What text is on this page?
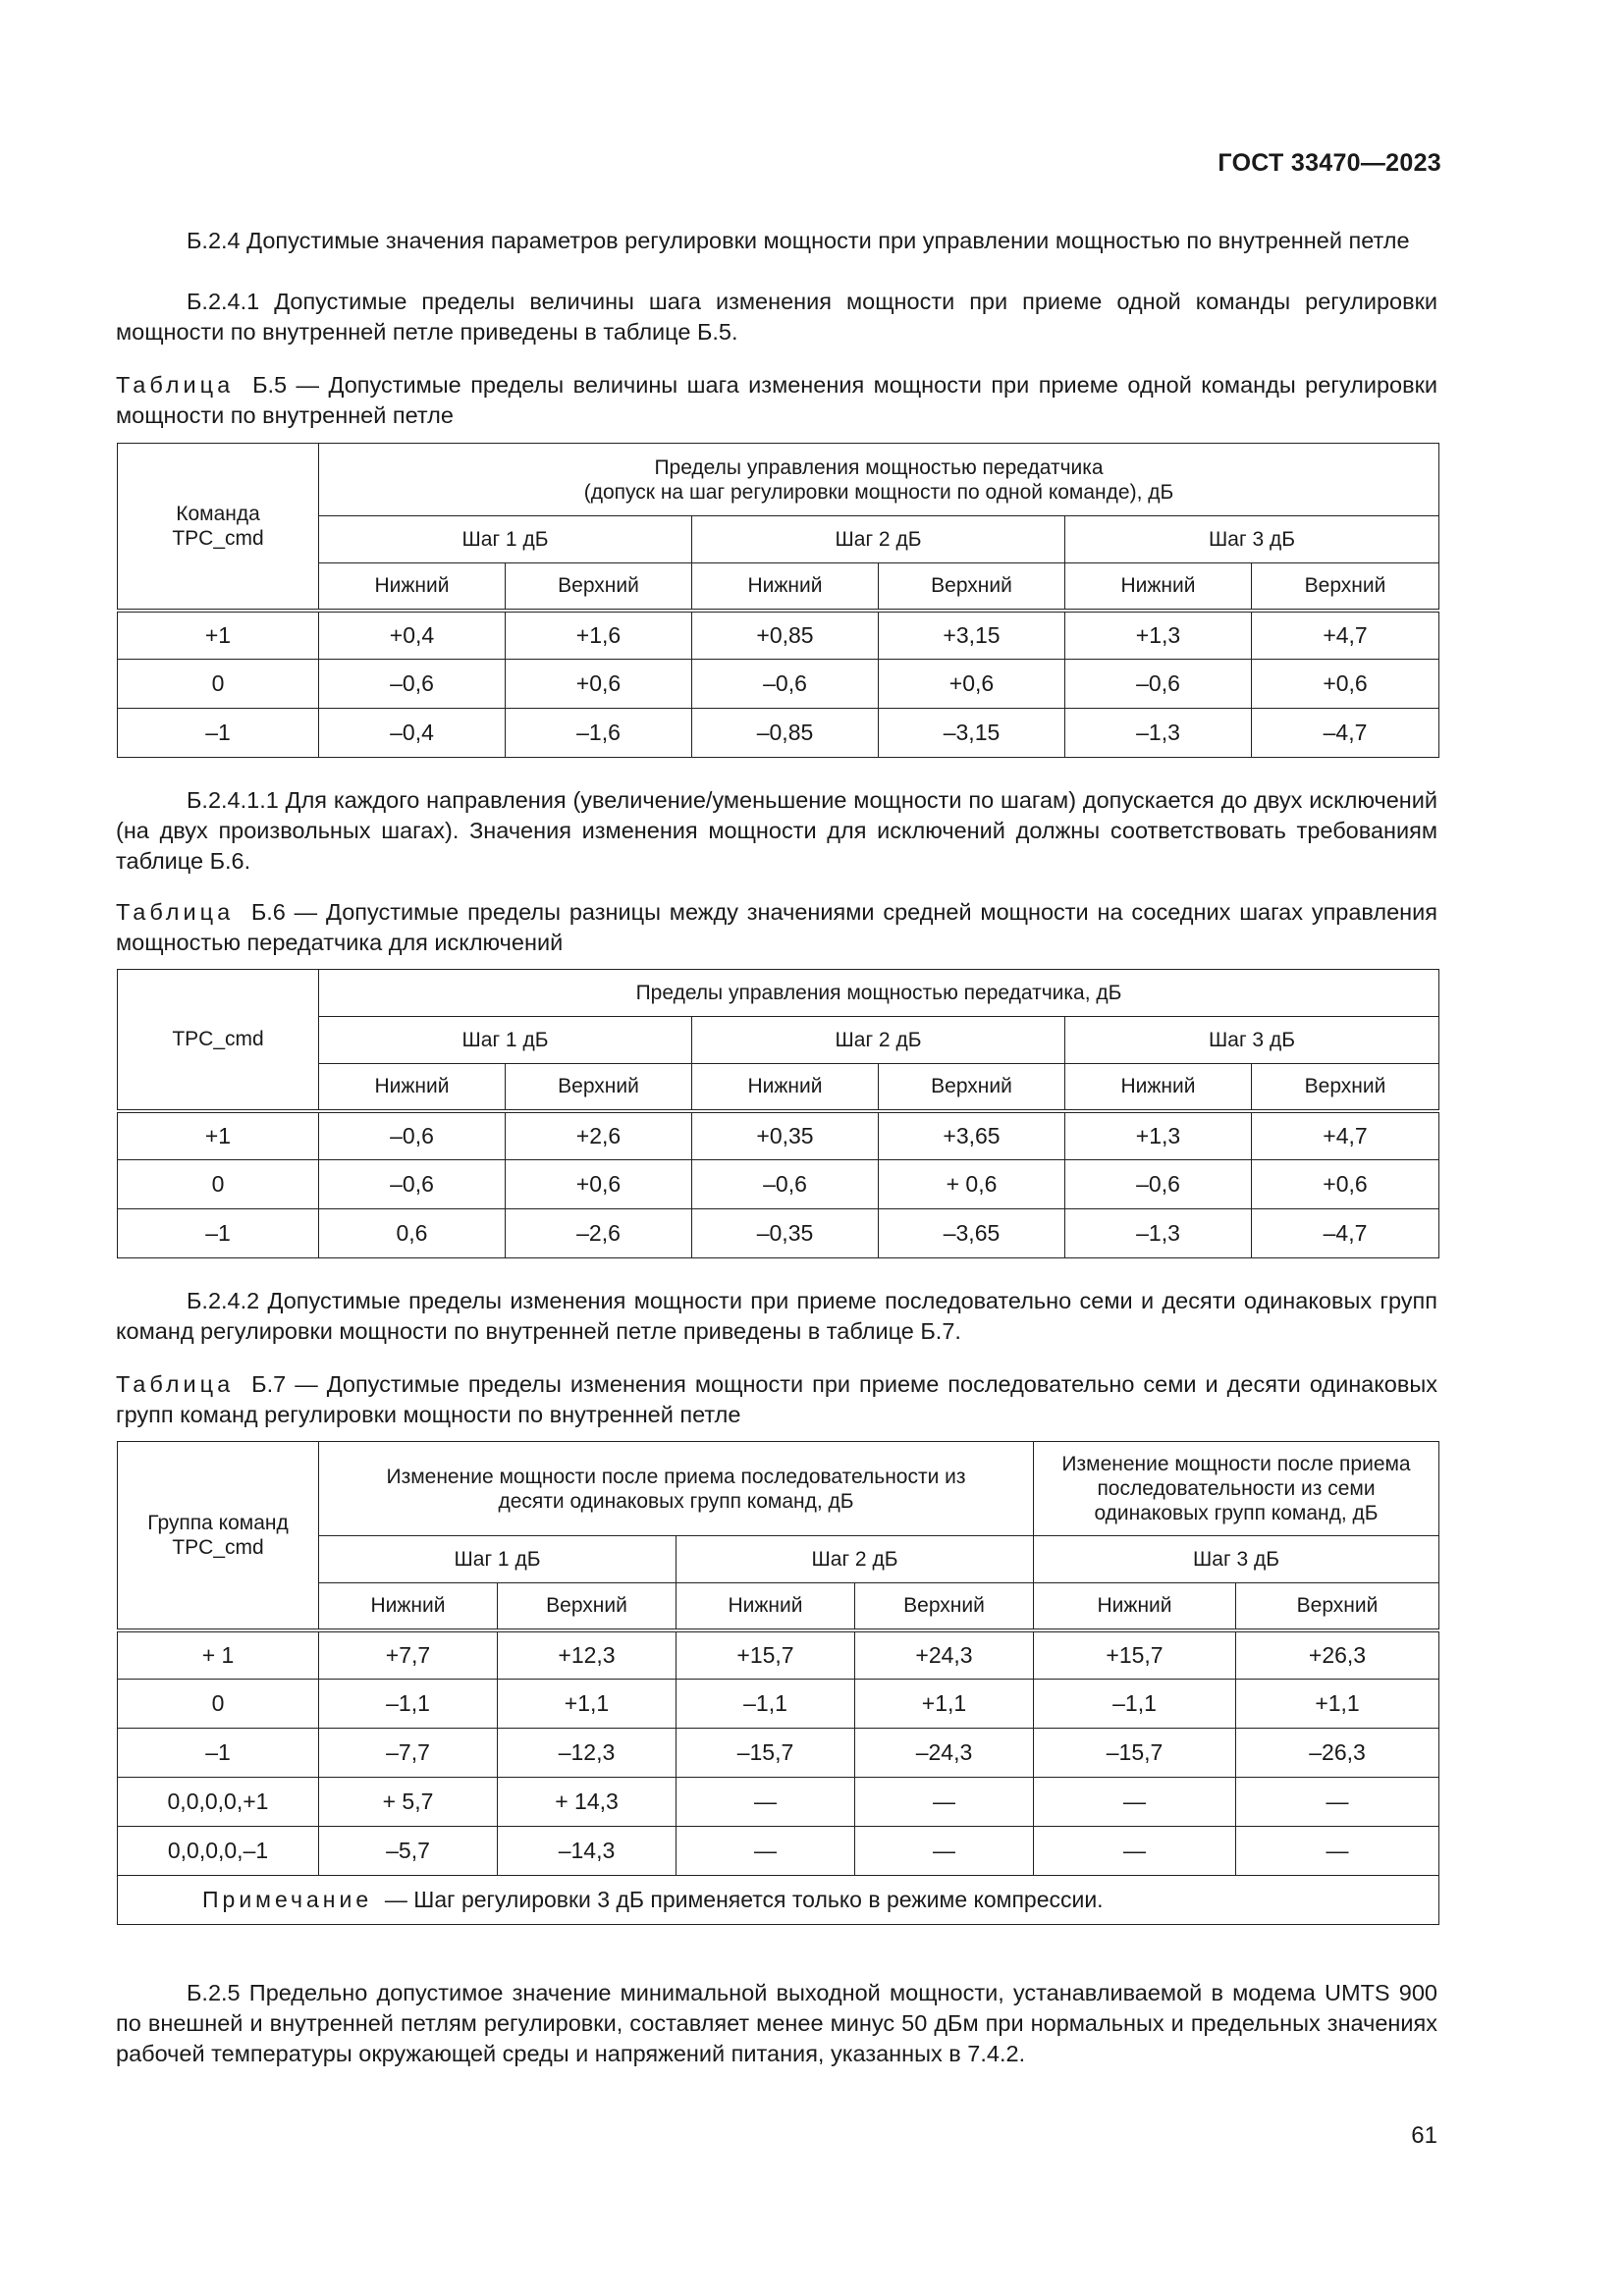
ГОСТ 33470—2023

Б.2.4 Допустимые значения параметров регулировки мощности при управлении мощностью по внутренней петле

Б.2.4.1 Допустимые пределы величины шага изменения мощности при приеме одной команды регулировки мощности по внутренней петле приведены в таблице Б.5.

Таблица Б.5 — Допустимые пределы величины шага изменения мощности при приеме одной команды регулировки мощности по внутренней петле

Команда TPC_cmd	Пределы управления мощностью передатчика
(допуск на шаг регулировки мощности по одной команде), дБ					
	Шаг 1 дБ		Шаг 2 дБ		Шаг 3 дБ	
	Нижний	Верхний	Нижний	Верхний	Нижний	Верхний
+1	+0,4	+1,6	+0,85	+3,15	+1,3	+4,7
0	–0,6	+0,6	–0,6	+0,6	–0,6	+0,6
–1	–0,4	–1,6	–0,85	–3,15	–1,3	–4,7

Б.2.4.1.1 Для каждого направления (увеличение/уменьшение мощности по шагам) допускается до двух исключений (на двух произвольных шагах). Значения изменения мощности для исключений должны соответствовать требованиям таблице Б.6.

Таблица Б.6 — Допустимые пределы разницы между значениями средней мощности на соседних шагах управления мощностью передатчика для исключений

TPC_cmd	Пределы управления мощностью передатчика, дБ					
	Шаг 1 дБ		Шаг 2 дБ		Шаг 3 дБ	
	Нижний	Верхний	Нижний	Верхний	Нижний	Верхний
+1	–0,6	+2,6	+0,35	+3,65	+1,3	+4,7
0	–0,6	+0,6	–0,6	+ 0,6	–0,6	+0,6
–1	0,6	–2,6	–0,35	–3,65	–1,3	–4,7

Б.2.4.2 Допустимые пределы изменения мощности при приеме последовательно семи и десяти одинаковых групп команд регулировки мощности по внутренней петле приведены в таблице Б.7.

Таблица Б.7 — Допустимые пределы изменения мощности при приеме последовательно семи и десяти одинаковых групп команд регулировки мощности по внутренней петле

Группа команд TPC_cmd	Изменение мощности после приема последовательности из
десяти одинаковых групп команд, дБ				Изменение мощности после приема
последовательности из семи
одинаковых групп команд, дБ	
	Шаг 1 дБ		Шаг 2 дБ		Шаг 3 дБ	
	Нижний	Верхний	Нижний	Верхний	Нижний	Верхний
+ 1	+7,7	+12,3	+15,7	+24,3	+15,7	+26,3
0	–1,1	+1,1	–1,1	+1,1	–1,1	+1,1
–1	–7,7	–12,3	–15,7	–24,3	–15,7	–26,3
0,0,0,0,+1	+ 5,7	+ 14,3	—	—	—	—
0,0,0,0,–1	–5,7	–14,3	—	—	—	—
Примечание — Шаг регулировки 3 дБ применяется только в режиме компрессии.						

Б.2.5 Предельно допустимое значение минимальной выходной мощности, устанавливаемой в модема UMTS 900 по внешней и внутренней петлям регулировки, составляет менее минус 50 дБм при нормальных и предельных значениях рабочей температуры окружающей среды и напряжений питания, указанных в 7.4.2.

61
